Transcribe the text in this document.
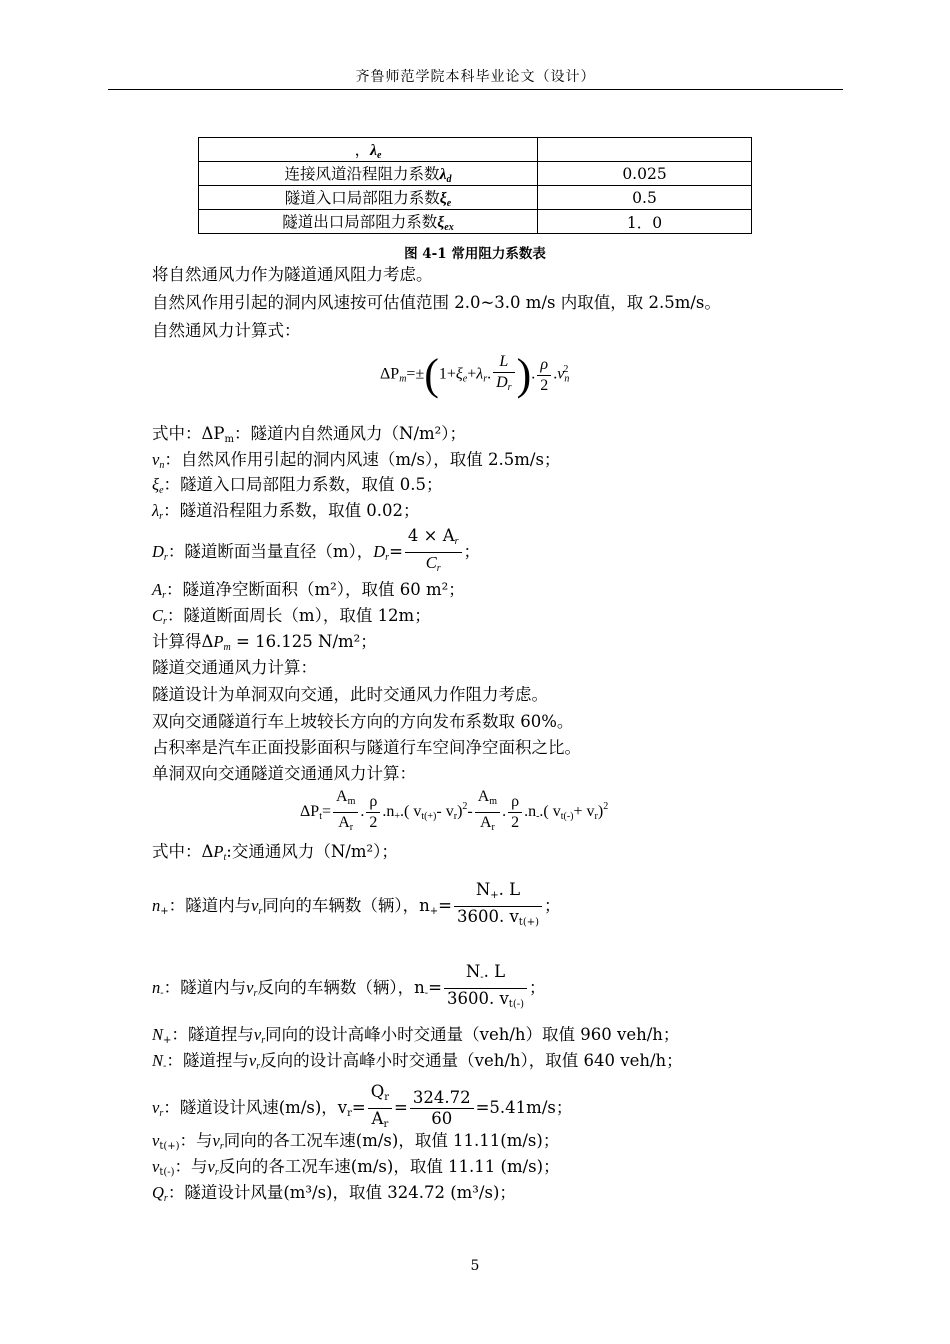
齐鲁师范学院本科毕业论文（设计）
，$\lambda_e$	
连接风道沿程阻力系数$\lambda_d$	0.025
隧道入口局部阻力系数$\xi_e$	0.5
隧道出口局部阻力系数$\xi_{ex}$	1．0
图 4-1 常用阻力系数表
将自然通风力作为隧道通风阻力考虑。
自然风作用引起的洞内风速按可估值范围 2.0~3.0 m/s 内取值，取 2.5m/s。
自然通风力计算式：
$\Delta P_m=\pm(1+\xi_e+\lambda_r$. $\frac{L}{D_r}$ ). $\frac{\rho}{2} .v_n^2$
式中：$\Delta P_m$：隧道内自然通风力（N/m²）；
$v_n$：自然风作用引起的洞内风速（m/s），取值 2.5m/s；
$\xi_e$：隧道入口局部阻力系数，取值 0.5；
$\lambda_r$：隧道沿程阻力系数，取值 0.02；
$D_r$：隧道断面当量直径（m），$D_r= \frac{4 \times A_r}{C_r}$ ；
$A_r$：隧道净空断面积（m²），取值 60 m²；
$C_r$：隧道断面周长（m），取值 12m；
计算得$\Delta P_m = 16.125$ N/m²；
隧道交通通风力计算：
隧道设计为单洞双向交通，此时交通风力作阻力考虑。
双向交通隧道行车上坡较长方向的方向发布系数取 60%。
占积率是汽车正面投影面积与隧道行车空间净空面积之比。
单洞双向交通隧道交通通风力计算：
$\Delta P_t= \frac{A_m}{A_r}$ . $\frac{\rho}{2} .n_+$.( $v_{t(+)}-$ $v_r)^2- \frac{A_m}{A_r}$ . $\frac{\rho}{2} .n_-$.( $v_{t(-)}+ v_r)^2$
式中：$\Delta P_t$:交通通风力（N/m²）；
$n_+$：隧道内与$v_r$同向的车辆数（辆），$n_+= \frac{N_+. L}{3600. v_{t(+)}}$ ；
$n_-$：隧道内与$v_r$反向的车辆数（辆），$n_-= \frac{N_-. L}{3600. v_{t(-)}}$ ；
$N_+$：隧道捏与$v_r$同向的设计高峰小时交通量（veh/h）取值 960 veh/h；
$N_-$：隧道捏与$v_r$反向的设计高峰小时交通量（veh/h），取值 640 veh/h；
$v_r$：隧道设计风速(m/s)，$v_r= \frac{Q_r}{A_r} = \frac{324.72}{60} =5.41m/s$；
$v_{t(+)}$：与$v_r$同向的各工况车速(m/s)，取值 11.11(m/s)；
$v_{t(-)}$：与$v_r$反向的各工况车速(m/s)，取值 11.11 (m/s)；
$Q_r$：隧道设计风量(m³/s)，取值 324.72 (m³/s)；
5
